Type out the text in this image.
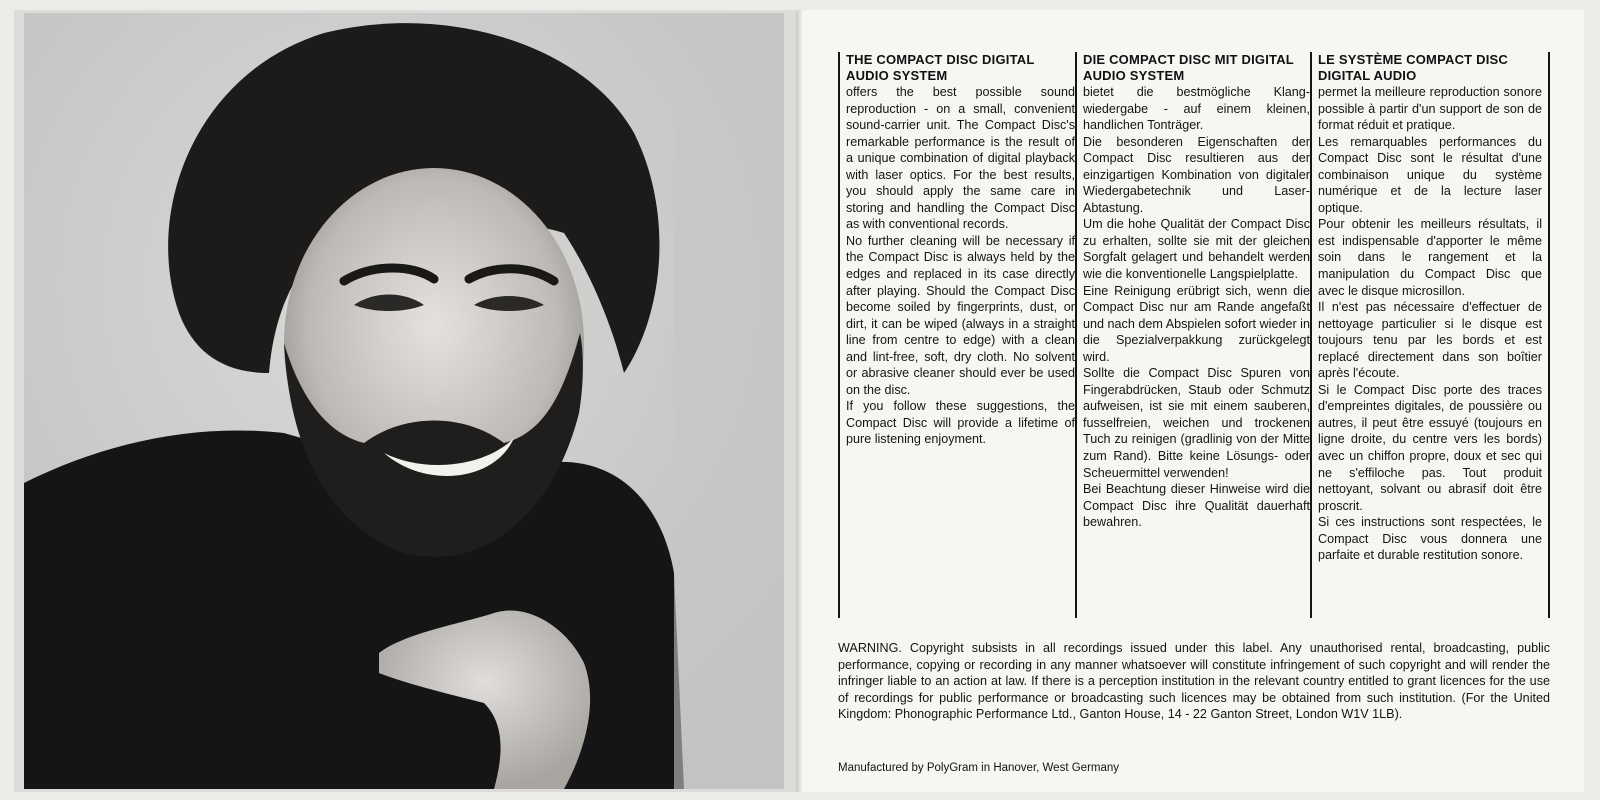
THE COMPACT DISC DIGITAL
AUDIO SYSTEM

offers the best possible sound reproduction - on a small, convenient sound-carrier unit. The Compact Disc's remarkable performance is the result of a unique combination of digital playback with laser optics. For the best results, you should apply the same care in storing and handling the Compact Disc as with conventional records.

No further cleaning will be necessary if the Compact Disc is always held by the edges and replaced in its case directly after playing. Should the Compact Disc become soiled by fingerprints, dust, or dirt, it can be wiped (always in a straight line from centre to edge) with a clean and lint-free, soft, dry cloth. No solvent or abrasive cleaner should ever be used on the disc.

If you follow these suggestions, the Compact Disc will provide a lifetime of pure listening enjoyment.

DIE COMPACT DISC MIT DIGITAL
AUDIO SYSTEM

bietet die bestmögliche Klangwiedergabe - auf einem kleinen, handlichen Tonträger.

Die besonderen Eigenschaften der Compact Disc resultieren aus der einzigartigen Kombination von digitaler Wiedergabetechnik und Laser-Abtastung.

Um die hohe Qualität der Compact Disc zu erhalten, sollte sie mit der gleichen Sorgfalt gelagert und behandelt werden wie die konventionelle Langspielplatte.

Eine Reinigung erübrigt sich, wenn die Compact Disc nur am Rande angefaßt und nach dem Abspielen sofort wieder in die Spezialverpakkung zurückgelegt wird.

Sollte die Compact Disc Spuren von Fingerabdrücken, Staub oder Schmutz aufweisen, ist sie mit einem sauberen, fusselfreien, weichen und trockenen Tuch zu reinigen (gradlinig von der Mitte zum Rand). Bitte keine Lösungs- oder Scheuermittel verwenden!

Bei Beachtung dieser Hinweise wird die Compact Disc ihre Qualität dauerhaft bewahren.

LE SYSTÈME COMPACT DISC
DIGITAL AUDIO

permet la meilleure reproduction sonore possible à partir d'un support de son de format réduit et pratique.

Les remarquables performances du Compact Disc sont le résultat d'une combinaison unique du système numérique et de la lecture laser optique.

Pour obtenir les meilleurs résultats, il est indispensable d'apporter le même soin dans le rangement et la manipulation du Compact Disc que avec le disque microsillon.

Il n'est pas nécessaire d'effectuer de nettoyage particulier si le disque est toujours tenu par les bords et est replacé directement dans son boîtier après l'écoute.

Si le Compact Disc porte des traces d'empreintes digitales, de poussière ou autres, il peut être essuyé (toujours en ligne droite, du centre vers les bords) avec un chiffon propre, doux et sec qui ne s'effiloche pas. Tout produit nettoyant, solvant ou abrasif doit être proscrit.

Si ces instructions sont respectées, le Compact Disc vous donnera une parfaite et durable restitution sonore.

WARNING. Copyright subsists in all recordings issued under this label. Any unauthorised rental, broadcasting, public performance, copying or recording in any manner whatsoever will constitute infringement of such copyright and will render the infringer liable to an action at law. If there is a perception institution in the relevant country entitled to grant licences for the use of recordings for public performance or broadcasting such licences may be obtained from such institution. (For the United Kingdom: Phonographic Performance Ltd., Ganton House, 14 - 22 Ganton Street, London W1V 1LB).

Manufactured by PolyGram in Hanover, West Germany
